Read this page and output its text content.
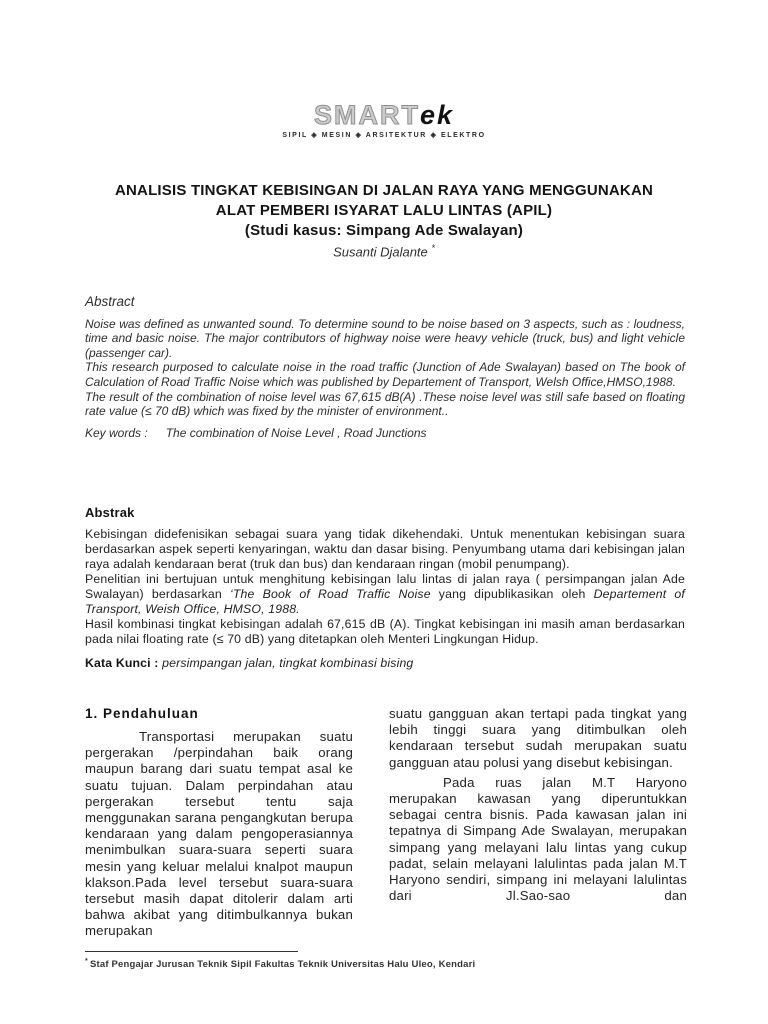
SMARTek
SIPIL ◈ MESIN ◈ ARSITEKTUR ◈ ELEKTRO
ANALISIS TINGKAT KEBISINGAN DI JALAN RAYA YANG MENGGUNAKAN
ALAT PEMBERI ISYARAT LALU LINTAS (APIL)
(Studi kasus: Simpang Ade Swalayan)
Susanti Djalante *
Abstract

Noise was defined as unwanted sound. To determine sound to be noise based on 3 aspects, such as : loudness, time and basic noise. The major contributors of highway noise were heavy vehicle (truck, bus) and light vehicle (passenger car).

This research purposed to calculate noise in the road traffic (Junction of Ade Swalayan) based on The book of Calculation of Road Traffic Noise which was published by Departement of Transport, Welsh Office,HMSO,1988.

The result of the combination of noise level was 67,615 dB(A) .These noise level was still safe based on floating rate value (≤ 70 dB) which was fixed by the minister of environment..

Key words : The combination of Noise Level , Road Junctions
Abstrak

Kebisingan didefenisikan sebagai suara yang tidak dikehendaki. Untuk menentukan kebisingan suara berdasarkan aspek seperti kenyaringan, waktu dan dasar bising. Penyumbang utama dari kebisingan jalan raya adalah kendaraan berat (truk dan bus) dan kendaraan ringan (mobil penumpang).

Penelitian ini bertujuan untuk menghitung kebisingan lalu lintas di jalan raya ( persimpangan jalan Ade Swalayan) berdasarkan ‘The Book of Road Traffic Noise yang dipublikasikan oleh Departement of Transport, Weish Office, HMSO, 1988.

Hasil kombinasi tingkat kebisingan adalah 67,615 dB (A). Tingkat kebisingan ini masih aman berdasarkan pada nilai floating rate (≤ 70 dB) yang ditetapkan oleh Menteri Lingkungan Hidup.

Kata Kunci : persimpangan jalan, tingkat kombinasi bising
1. Pendahuluan

Transportasi merupakan suatu pergerakan /perpindahan baik orang maupun barang dari suatu tempat asal ke suatu tujuan. Dalam perpindahan atau pergerakan tersebut tentu saja menggunakan sarana pengangkutan berupa kendaraan yang dalam pengoperasiannya menimbulkan suara-suara seperti suara mesin yang keluar melalui knalpot maupun klakson.Pada level tersebut suara-suara tersebut masih dapat ditolerir dalam arti bahwa akibat yang ditimbulkannya bukan merupakan

suatu gangguan akan tertapi pada tingkat yang lebih tinggi suara yang ditimbulkan oleh kendaraan tersebut sudah merupakan suatu gangguan atau polusi yang disebut kebisingan.

Pada ruas jalan M.T Haryono merupakan kawasan yang diperuntukkan sebagai centra bisnis. Pada kawasan jalan ini tepatnya di Simpang Ade Swalayan, merupakan simpang yang melayani lalu lintas yang cukup padat, selain melayani lalulintas pada jalan M.T Haryono sendiri, simpang ini melayani lalulintas dari Jl.Sao-sao dan

* Staf Pengajar Jurusan Teknik Sipil Fakultas Teknik Universitas Halu Uleo, Kendari
